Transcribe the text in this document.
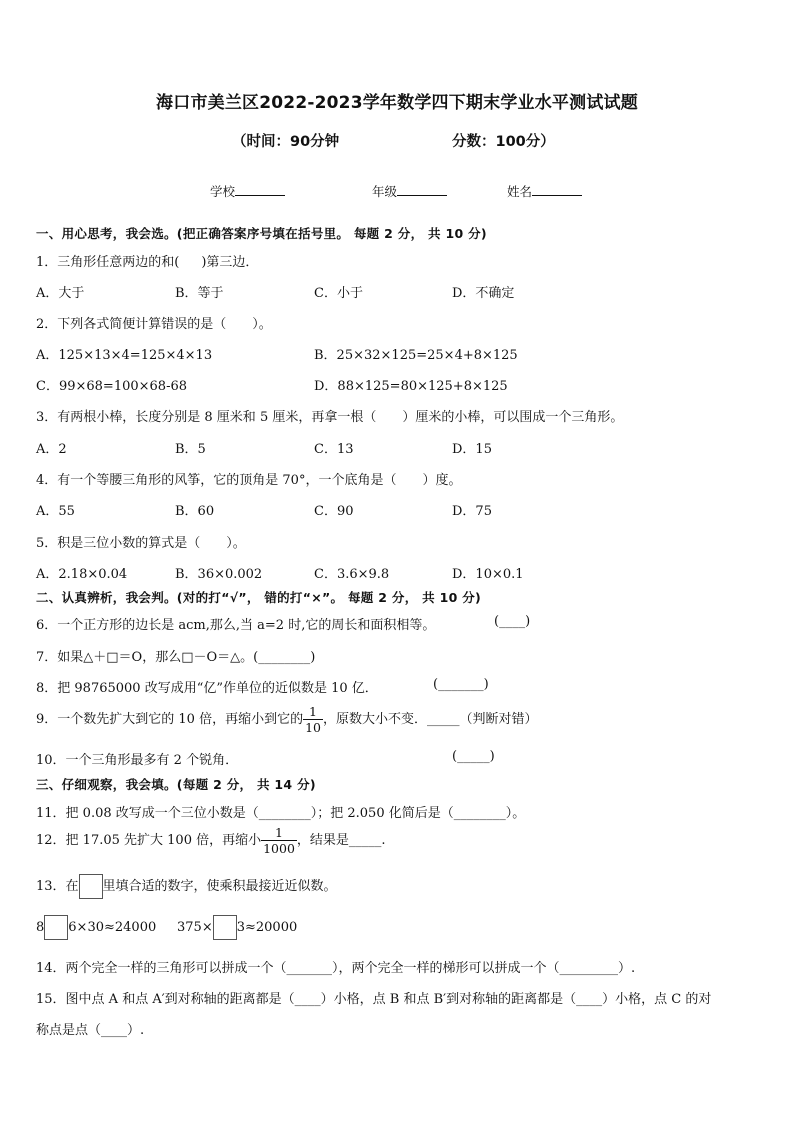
海口市美兰区2022-2023学年数学四下期末学业水平测试试题
（时间：90分钟	分数：100分）
学校	年级	姓名
一、用心思考，我会选。(把正确答案序号填在括号里。 每题 2 分， 共 10 分)
1．三角形任意两边的和( )第三边．
A．大于	B．等于	C．小于	D．不确定
2．下列各式简便计算错误的是（　　）。
A．125×13×4=125×4×13	B．25×32×125=25×4+8×125
C．99×68=100×68-68	D．88×125=80×125+8×125
3．有两根小棒，长度分别是 8 厘米和 5 厘米，再拿一根（　　）厘米的小棒，可以围成一个三角形。
A．2	B．5	C．13	D．15
4．有一个等腰三角形的风筝，它的顶角是 70°，一个底角是（　　）度。
A．55	B．60	C．90	D．75
5．积是三位小数的算式是（　　）。
A．2.18×0.04	B．36×0.002	C．3.6×9.8	D．10×0.1
二、认真辨析，我会判。(对的打“√”， 错的打“×”。 每题 2 分， 共 10 分)
6．一个正方形的边长是 acm,那么,当 a=2 时,它的周长和面积相等。	(____)
7．如果△＋□＝O，那么□－O＝△。(________)
8．把 98765000 改写成用“亿”作单位的近似数是 10 亿．	(_______)
9．一个数先扩大到它的 10 倍，再缩小到它的 $\frac{1}{10}$ ，原数大小不变．_____（判断对错）
10．一个三角形最多有 2 个锐角．	(_____)
三、仔细观察，我会填。(每题 2 分， 共 14 分)
11．把 0.08 改写成一个三位小数是（________）；把 2.050 化简后是（________）。
12．把 17.05 先扩大 100 倍，再缩小 $\frac{1}{1000}$ ，结果是_____.
13．在 里填合适的数字，使乘积最接近近似数。
8 6×30≈24000 375× 3≈20000
14．两个完全一样的三角形可以拼成一个（_______），两个完全一样的梯形可以拼成一个（_________）.
15．图中点 A 和点 A′到对称轴的距离都是（____）小格，点 B 和点 B′到对称轴的距离都是（____）小格，点 C 的对
称点是点（____）.
